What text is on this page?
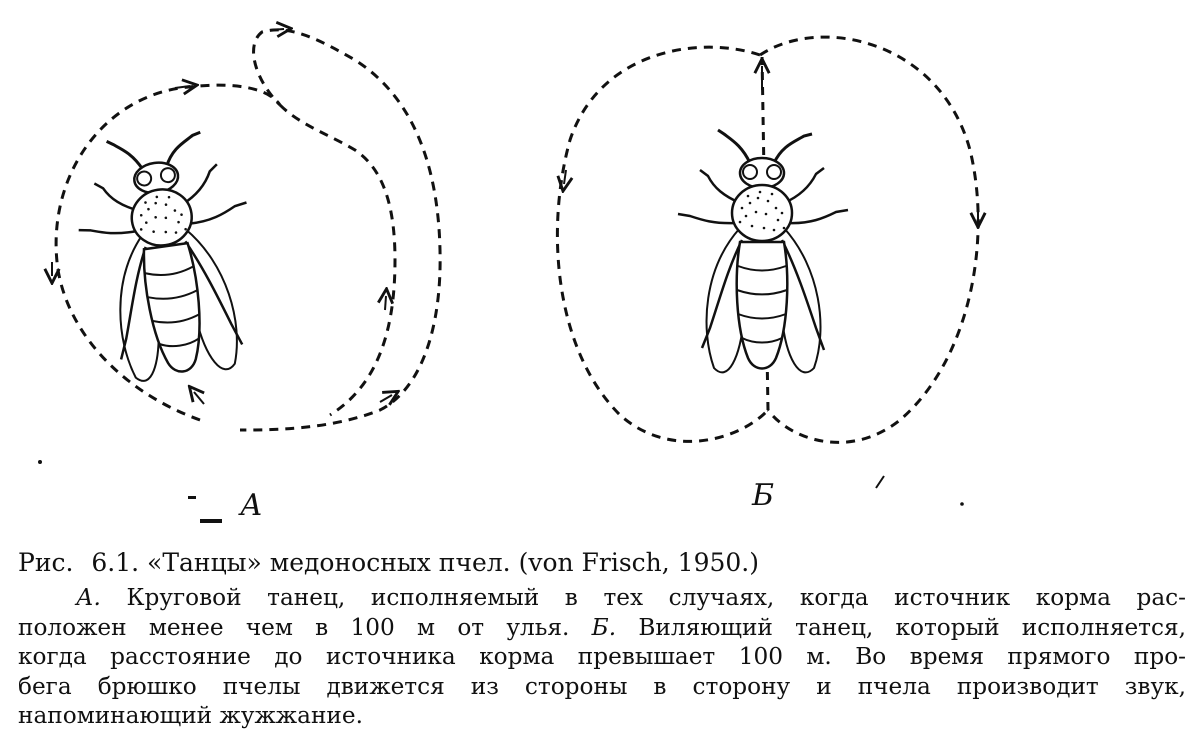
А	Б
Рис. 6.1. «Танцы» медоносных пчел. (von Frisch, 1950.)
А. Круговой танец, исполняемый в тех случаях, когда источник корма рас-
положен менее чем в 100 м от улья. Б. Виляющий танец, который исполняется,
когда расстояние до источника корма превышает 100 м. Во время прямого про-
бега брюшко пчелы движется из стороны в сторону и пчела производит звук,
напоминающий жужжание.
